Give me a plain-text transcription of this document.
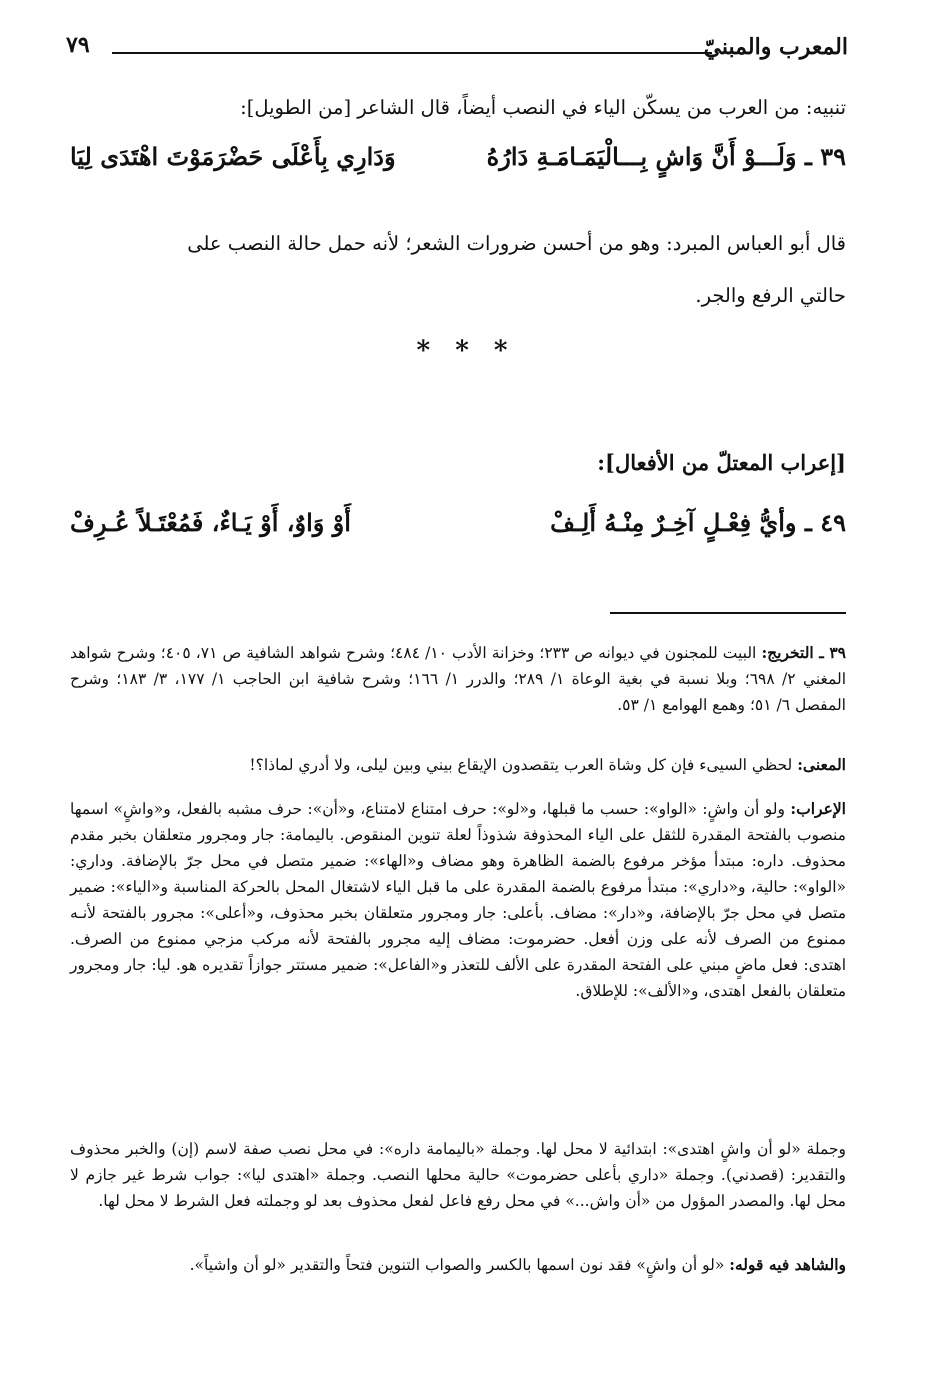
المعرب والمبنيّ
٧٩
تنبيه: من العرب من يسكّن الياء في النصب أيضاً، قال الشاعر [من الطويل]:
٣٩ ـ وَلَـــوْ أَنَّ وَاشٍ بِـــالْيَمَـامَـةِ دَارُهُ
وَدَارِي بِأَعْلَى حَضْرَمَوْتَ اهْتَدَى لِيَا
قال أبو العباس المبرد: وهو من أحسن ضرورات الشعر؛ لأنه حمل حالة النصب على
حالتي الرفع والجر.
* * *
[إعراب المعتلّ من الأفعال]:
٤٩ ـ وأيُّ فِعْـلٍ آخِـرٌ مِنْـهُ أَلِـفْ
أَوْ وَاوٌ، أَوْ يَـاءٌ، فَمُعْتَـلاً عُـرِفْ
٣٩ ـ التخريج: البيت للمجنون في ديوانه ص ٢٣٣؛ وخزانة الأدب ١٠/ ٤٨٤؛ وشرح شواهد الشافية ص ٧١، ٤٠٥؛ وشرح شواهد المغني ٢/ ٦٩٨؛ وبلا نسبة في بغية الوعاة ١/ ٢٨٩؛ والدرر ١/ ١٦٦؛ وشرح شافية ابن الحاجب ١/ ١٧٧، ٣/ ١٨٣؛ وشرح المفصل ٦/ ٥١؛ وهمع الهوامع ١/ ٥٣.
المعنى: لحظي السيىء فإن كل وشاة العرب يتقصدون الإيقاع بيني وبين ليلى، ولا أدري لماذا؟!
الإعراب: ولو أن واشٍ: «الواو»: حسب ما قبلها، و«لو»: حرف امتناع لامتناع، و«أن»: حرف مشبه بالفعل، و«واشٍ» اسمها منصوب بالفتحة المقدرة للثقل على الياء المحذوفة شذوذاً لعلة تنوين المنقوص. باليمامة: جار ومجرور متعلقان بخبر مقدم محذوف. داره: مبتدأ مؤخر مرفوع بالضمة الظاهرة وهو مضاف و«الهاء»: ضمير متصل في محل جرّ بالإضافة. وداري: «الواو»: حالية، و«داري»: مبتدأ مرفوع بالضمة المقدرة على ما قبل الياء لاشتغال المحل بالحركة المناسبة و«الياء»: ضمير متصل في محل جرّ بالإضافة، و«دار»: مضاف. بأعلى: جار ومجرور متعلقان بخبر محذوف، و«أعلى»: مجرور بالفتحة لأنـه ممنوع من الصرف لأنه على وزن أفعل. حضرموت: مضاف إليه مجرور بالفتحة لأنه مركب مزجي ممنوع من الصرف. اهتدى: فعل ماضٍ مبني على الفتحة المقدرة على الألف للتعذر و«الفاعل»: ضمير مستتر جوازاً تقديره هو. ليا: جار ومجرور متعلقان بالفعل اهتدى، و«الألف»: للإطلاق.
وجملة «لو أن واشٍ اهتدى»: ابتدائية لا محل لها. وجملة «باليمامة داره»: في محل نصب صفة لاسم (إن) والخبر محذوف والتقدير: (قصدني). وجملة «داري بأعلى حضرموت» حالية محلها النصب. وجملة «اهتدى ليا»: جواب شرط غير جازم لا محل لها. والمصدر المؤول من «أن واش...» في محل رفع فاعل لفعل محذوف بعد لو وجملته فعل الشرط لا محل لها.
والشاهد فيه قوله: «لو أن واشٍ» فقد نون اسمها بالكسر والصواب التنوين فتحاً والتقدير «لو أن واشياً».
